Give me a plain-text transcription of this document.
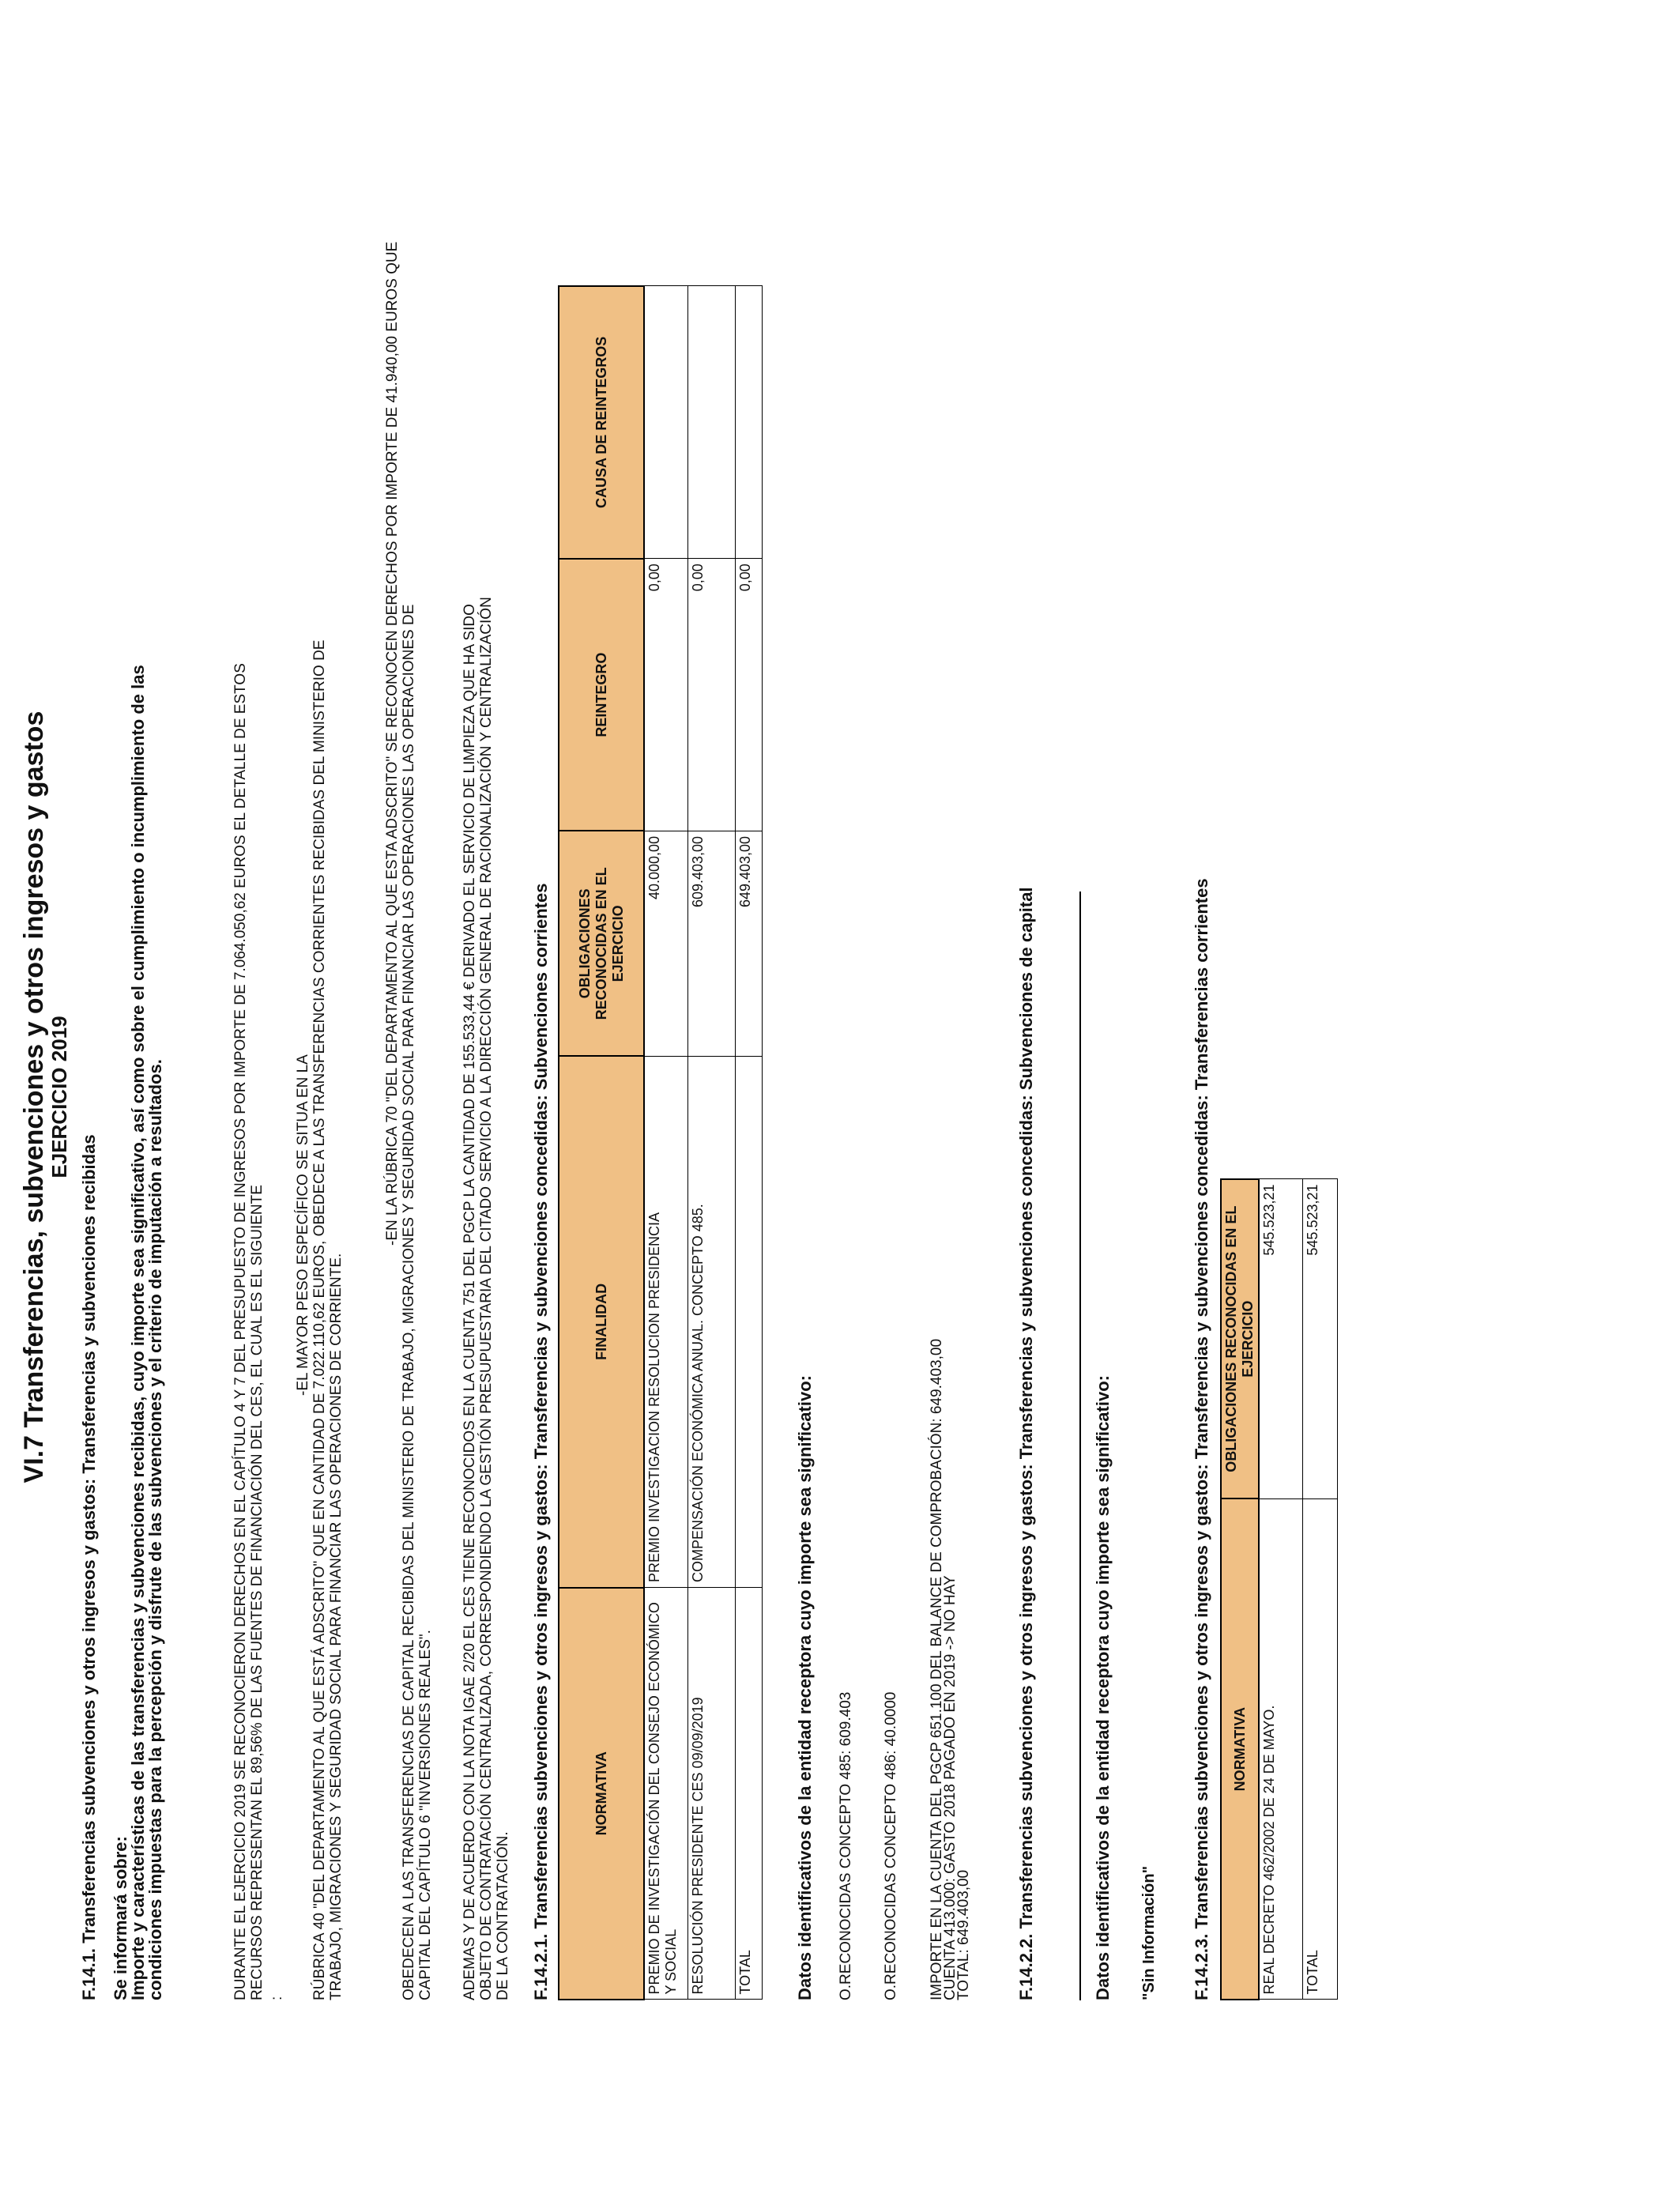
VI.7 Transferencias, subvenciones y otros ingresos y gastos
EJERCICIO 2019
F.14.1. Transferencias subvenciones y otros ingresos y gastos: Transferencias y subvenciones recibidas Se informará sobre:
Importe y características de las transferencias y subvenciones recibidas, cuyo importe sea significativo, así como sobre el cumplimiento o incumplimiento de las
condiciones impuestas para la percepción y disfrute de las subvenciones y el criterio de imputación a resultados.	DURANTE EL EJERCICIO 2019 SE RECONOCIERON DERECHOS EN EL CAPÍTULO 4 Y 7 DEL PRESUPUESTO DE INGRESOS POR IMPORTE DE 7.064.050,62 EUROS EL DETALLE DE ESTOS RECURSOS REPRESENTAN EL 89,56% DE LAS FUENTES DE FINANCIACIÓN DEL CES, EL CUAL ES EL SIGUIENTE :
-EL MAYOR PESO ESPECÍFICO SE SITUA EN LA RÚBRICA 40 "DEL DEPARTAMENTO AL QUE ESTÁ ADSCRITO" QUE EN CANTIDAD DE 7.022.110,62 EUROS, OBEDECE A LAS TRANSFERENCIAS CORRIENTES RECIBIDAS DEL MINISTERIO DE TRABAJO, MIGRACIONES Y SEGURIDAD SOCIAL PARA FINANCIAR LAS OPERACIONES DE CORRIENTE.
-EN LA RÚBRICA 70 "DEL DEPARTAMENTO AL QUE ESTA ADSCRITO" SE RECONOCEN DERECHOS POR IMPORTE DE 41.940,00 EUROS QUE OBEDECEN A LAS TRANSFERENCIAS DE CAPITAL RECIBIDAS DEL MINISTERIO DE TRABAJO, MIGRACIONES Y SEGURIDAD SOCIAL PARA FINANCIAR LAS OPERACIONES LAS OPERACIONES DE CAPITAL DEL CAPÍTULO 6 "INVERSIONES REALES". ADEMAS Y DE ACUERDO CON LA NOTA IGAE 2/20 EL CES TIENE RECONOCIDOS EN LA CUENTA 751 DEL PGCP LA CANTIDAD DE 155.533,44 € DERIVADO EL SERVICIO DE LIMPIEZA QUE HA SIDO OBJETO DE CONTRATACIÓN CENTRALIZADA, CORRESPONDIENDO LA GESTIÓN PRESUPUESTARIA DEL CITADO SERVICIO A LA DIRECCIÓN GENERAL DE RACIONALIZACIÓN Y CENTRALIZACIÓN DE LA CONTRATACIÓN. F.14.2.1. Transferencias subvenciones y otros ingresos y gastos: Transferencias y subvenciones concedidas: Subvenciones corrientes	NORMATIVA	FINALIDAD	OBLIGACIONES RECONOCIDAS EN EL EJERCICIO	REINTEGRO	CAUSA DE REINTEGROS
PREMIO DE INVESTIGACIÓN DEL CONSEJO ECONÓMICO Y SOCIAL	PREMIO INVESTIGACION RESOLUCION PRESIDENCIA	40.000,00	0,00	
RESOLUCIÓN PRESIDENTE CES 09/09/2019	COMPENSACIÓN ECONÓMICA ANUAL. CONCEPTO 485.	609.403,00	0,00	
TOTAL		649.403,00	0,00	
Datos identificativos de la entidad receptora cuyo importe sea significativo: O.RECONOCIDAS CONCEPTO 485: 609.403 O.RECONOCIDAS CONCEPTO 486: 40.0000 IMPORTE EN LA CUENTA DEL PGCP 651.100 DEL BALANCE DE COMPROBACIÓN: 649.403,00
CUENTA 413.000: GASTO 2018 PAGADO EN 2019 -> NO HAY
TOTAL: 649.403,00	F.14.2.2. Transferencias subvenciones y otros ingresos y gastos: Transferencias y subvenciones concedidas: Subvenciones de capital	Datos identificativos de la entidad receptora cuyo importe sea significativo: "Sin Información" F.14.2.3. Transferencias subvenciones y otros ingresos y gastos: Transferencias y subvenciones concedidas: Transferencias corrientes NORMATIVA	OBLIGACIONES RECONOCIDAS EN EL EJERCICIO
REAL DECRETO 462/2002 DE 24 DE MAYO.	545.523,21
TOTAL	545.523,21
